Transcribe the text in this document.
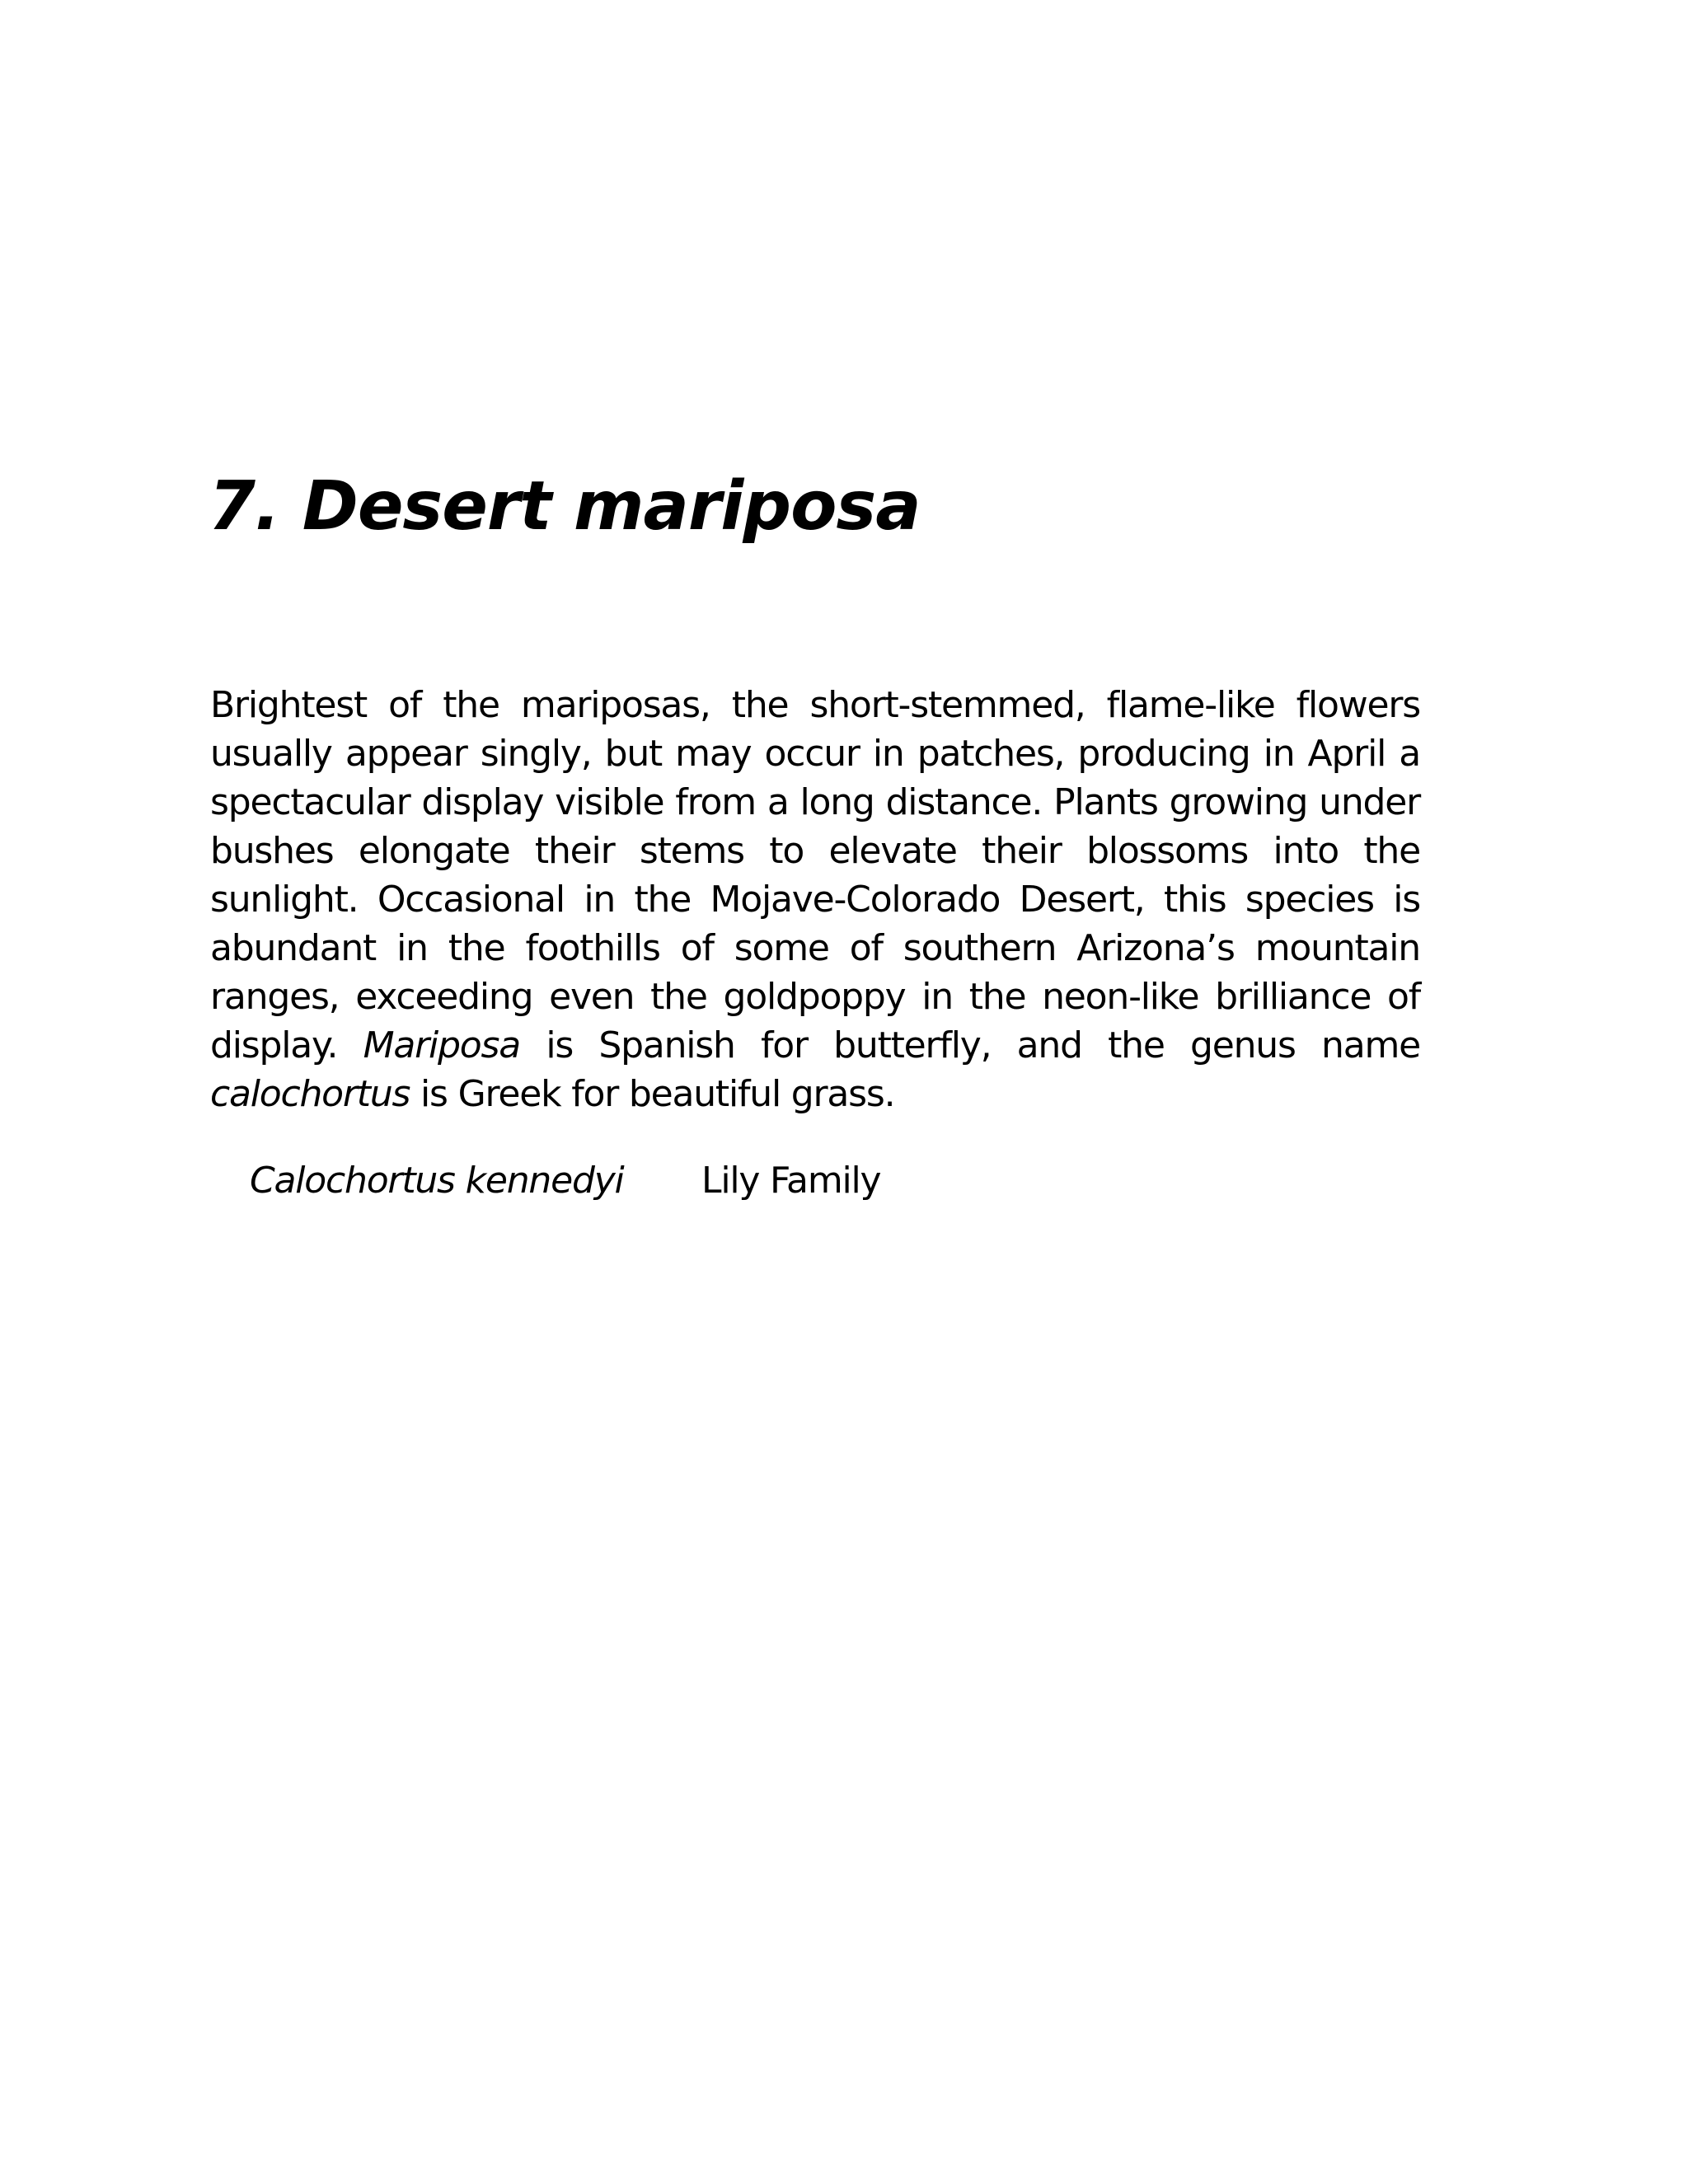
7. Desert mariposa

Brightest of the mariposas, the short-stemmed, flame-like flowers usually appear singly, but may occur in patches, producing in April a spectacular display visible from a long distance. Plants growing under bushes elongate their stems to elevate their blossoms into the sunlight. Occasional in the Mojave-Colorado Desert, this species is abundant in the foothills of some of southern Arizona’s mountain ranges, exceeding even the goldpoppy in the neon-like brilliance of display. Mariposa is Spanish for butterfly, and the genus name calochortus is Greek for beautiful grass.

Calochortus kennedyi Lily Family
